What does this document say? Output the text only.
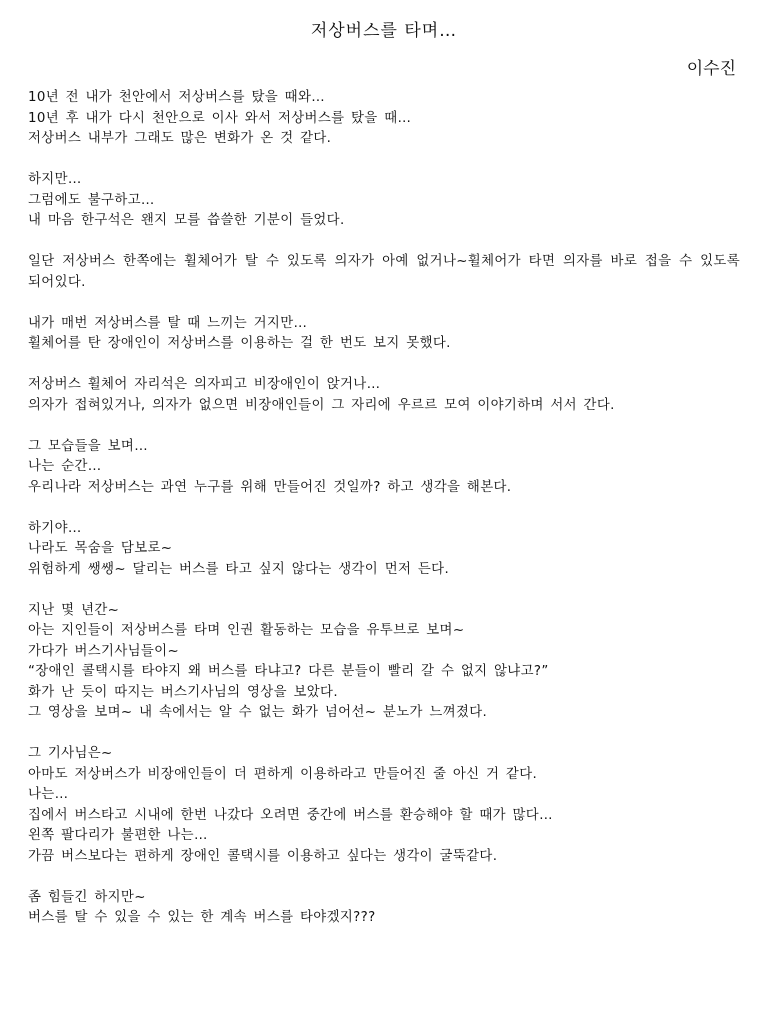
저상버스를 타며…
이수진
10년 전 내가 천안에서 저상버스를 탔을 때와…
10년 후 내가 다시 천안으로 이사 와서 저상버스를 탔을 때…
저상버스 내부가 그래도 많은 변화가 온 것 같다.
하지만…
그럼에도 불구하고…
내 마음 한구석은 왠지 모를 씁쓸한 기분이 들었다.
일단 저상버스 한쪽에는 휠체어가 탈 수 있도록 의자가 아예 없거나~휠체어가 타면 의자를 바로 접을 수 있도록 되어있다.
내가 매번 저상버스를 탈 때 느끼는 거지만…
휠체어를 탄 장애인이 저상버스를 이용하는 걸 한 번도 보지 못했다.
저상버스 휠체어 자리석은 의자피고 비장애인이 앉거나…
의자가 접혀있거나, 의자가 없으면 비장애인들이 그 자리에 우르르 모여 이야기하며 서서 간다.
그 모습들을 보며…
나는 순간…
우리나라 저상버스는 과연 누구를 위해 만들어진 것일까? 하고 생각을 해본다.
하기야…
나라도 목숨을 담보로~
위험하게 쌩쌩~ 달리는 버스를 타고 싶지 않다는 생각이 먼저 든다.
지난 몇 년간~
아는 지인들이 저상버스를 타며 인권 활동하는 모습을 유투브로 보며~
가다가 버스기사님들이~
“장애인 콜택시를 타야지 왜 버스를 타냐고? 다른 분들이 빨리 갈 수 없지 않냐고?”
화가 난 듯이 따지는 버스기사님의 영상을 보았다.
그 영상을 보며~ 내 속에서는 알 수 없는 화가 넘어선~ 분노가 느껴졌다.
그 기사님은~
아마도 저상버스가 비장애인들이 더 편하게 이용하라고 만들어진 줄 아신 거 같다.
나는…
집에서 버스타고 시내에 한번 나갔다 오려면 중간에 버스를 환승해야 할 때가 많다…
왼쪽 팔다리가 불편한 나는…
가끔 버스보다는 편하게 장애인 콜택시를 이용하고 싶다는 생각이 굴뚝같다.
좀 힘들긴 하지만~
버스를 탈 수 있을 수 있는 한 계속 버스를 타야겠지???
